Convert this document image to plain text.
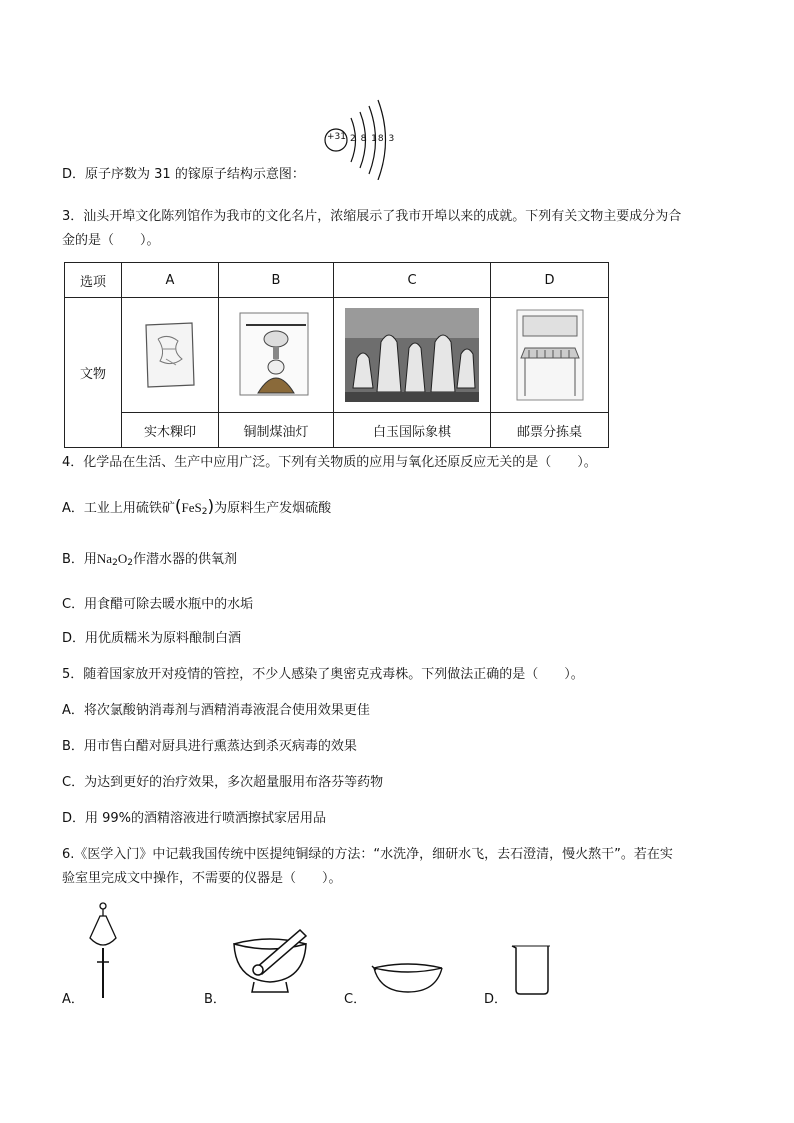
+31 2 8 18 3
D．原子序数为 31 的镓原子结构示意图：
3．汕头开埠文化陈列馆作为我市的文化名片，浓缩展示了我市开埠以来的成就。下列有关文物主要成分为合
金的是（　　）。
选项	A	B	C	D
文物	

	实木粿印	铜制煤油灯	白玉国际象棋	邮票分拣桌
4．化学品在生活、生产中应用广泛。下列有关物质的应用与氧化还原反应无关的是（　　）。
A．工业上用硫铁矿(FeS$_2$)为原料生产发烟硫酸
B．用$Na_2O_2$作潜水器的供氧剂
C．用食醋可除去暖水瓶中的水垢
D．用优质糯米为原料酿制白酒
5．随着国家放开对疫情的管控，不少人感染了奥密克戎毒株。下列做法正确的是（　　）。
A．将次氯酸钠消毒剂与酒精消毒液混合使用效果更佳
B．用市售白醋对厨具进行熏蒸达到杀灭病毒的效果
C．为达到更好的治疗效果，多次超量服用布洛芬等药物
D．用 99%的酒精溶液进行喷洒擦拭家居用品
6.《医学入门》中记载我国传统中医提纯铜绿的方法：“水洗净，细研水飞，去石澄清，慢火熬干”。若在实
验室里完成文中操作，不需要的仪器是（　　）。
A．	B．	C．	D．
